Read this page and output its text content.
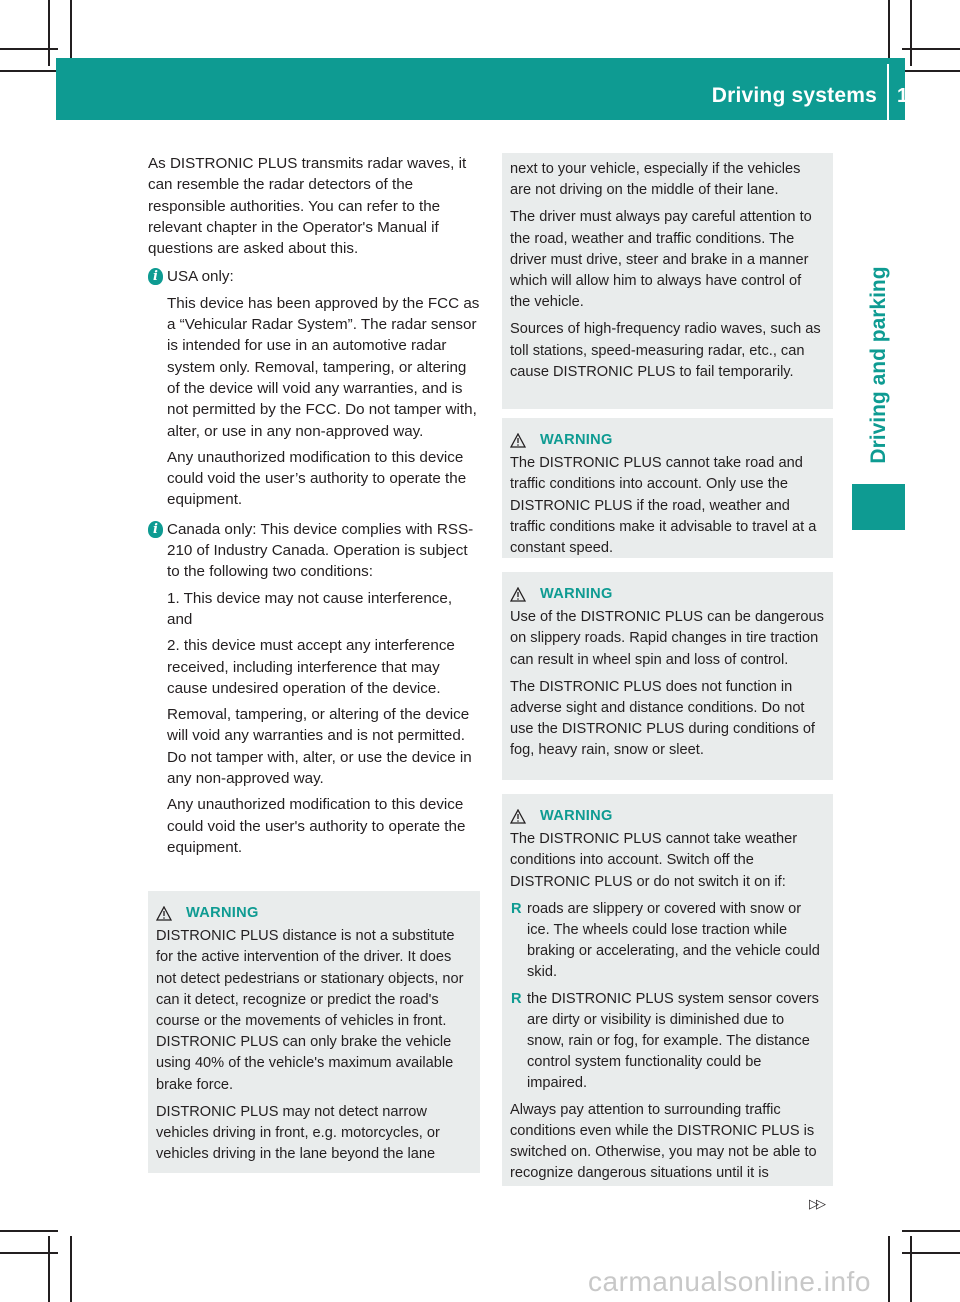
Driving systems 159
Driving and parking

As DISTRONIC PLUS transmits radar waves, it can resemble the radar detectors of the responsible authorities. You can refer to the relevant chapter in the Operator's Manual if questions are asked about this.

i USA only:

This device has been approved by the FCC as a “Vehicular Radar System”. The radar sensor is intended for use in an automotive radar system only. Removal, tampering, or altering of the device will void any warranties, and is not permitted by the FCC. Do not tamper with, alter, or use in any non-approved way.

Any unauthorized modification to this device could void the user’s authority to operate the equipment.

i Canada only: This device complies with RSS-210 of Industry Canada. Operation is subject to the following two conditions:

1. This device may not cause interference, and

2. this device must accept any interference received, including interference that may cause undesired operation of the device.

Removal, tampering, or altering of the device will void any warranties and is not permitted. Do not tamper with, alter, or use the device in any non-approved way.

Any unauthorized modification to this device could void the user's authority to operate the equipment.

WARNING

DISTRONIC PLUS distance is not a substitute for the active intervention of the driver. It does not detect pedestrians or stationary objects, nor can it detect, recognize or predict the road's course or the movements of vehicles in front. DISTRONIC PLUS can only brake the vehicle using 40% of the vehicle's maximum available brake force.

DISTRONIC PLUS may not detect narrow vehicles driving in front, e.g. motorcycles, or vehicles driving in the lane beyond the lane

next to your vehicle, especially if the vehicles are not driving on the middle of their lane.

The driver must always pay careful attention to the road, weather and traffic conditions. The driver must drive, steer and brake in a manner which will allow him to always have control of the vehicle.

Sources of high-frequency radio waves, such as toll stations, speed-measuring radar, etc., can cause DISTRONIC PLUS to fail temporarily.

WARNING

The DISTRONIC PLUS cannot take road and traffic conditions into account. Only use the DISTRONIC PLUS if the road, weather and traffic conditions make it advisable to travel at a constant speed.

WARNING

Use of the DISTRONIC PLUS can be dangerous on slippery roads. Rapid changes in tire traction can result in wheel spin and loss of control.

The DISTRONIC PLUS does not function in adverse sight and distance conditions. Do not use the DISTRONIC PLUS during conditions of fog, heavy rain, snow or sleet.

WARNING

The DISTRONIC PLUS cannot take weather conditions into account. Switch off the DISTRONIC PLUS or do not switch it on if:

R roads are slippery or covered with snow or ice. The wheels could lose traction while braking or accelerating, and the vehicle could skid.
R the DISTRONIC PLUS system sensor covers are dirty or visibility is diminished due to snow, rain or fog, for example. The distance control system functionality could be impaired.

Always pay attention to surrounding traffic conditions even while the DISTRONIC PLUS is switched on. Otherwise, you may not be able to recognize dangerous situations until it is

▷▷
carmanualsonline.info
